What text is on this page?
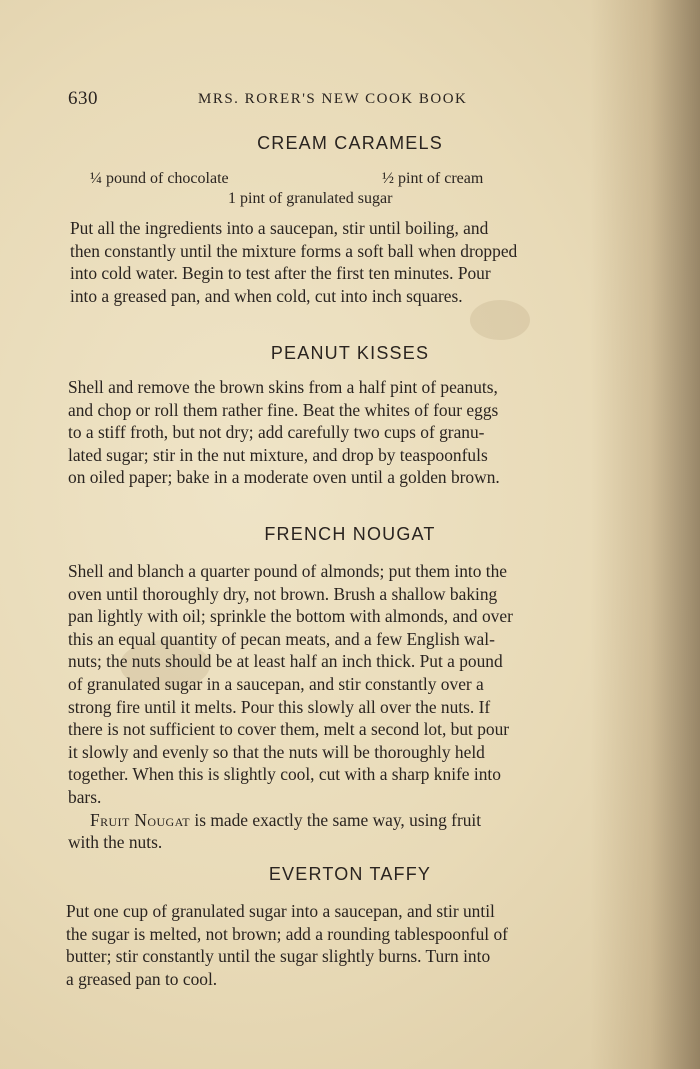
630	MRS. RORER'S NEW COOK BOOK
CREAM CARAMELS
¼ pound of chocolate	½ pint of cream
1 pint of granulated sugar
Put all the ingredients into a saucepan, stir until boiling, and
then constantly until the mixture forms a soft ball when dropped
into cold water. Begin to test after the first ten minutes. Pour
into a greased pan, and when cold, cut into inch squares.
PEANUT KISSES
Shell and remove the brown skins from a half pint of peanuts,
and chop or roll them rather fine. Beat the whites of four eggs
to a stiff froth, but not dry; add carefully two cups of granu-
lated sugar; stir in the nut mixture, and drop by teaspoonfuls
on oiled paper; bake in a moderate oven until a golden brown.
FRENCH NOUGAT
Shell and blanch a quarter pound of almonds; put them into the
oven until thoroughly dry, not brown. Brush a shallow baking
pan lightly with oil; sprinkle the bottom with almonds, and over
this an equal quantity of pecan meats, and a few English wal-
nuts; the nuts should be at least half an inch thick. Put a pound
of granulated sugar in a saucepan, and stir constantly over a
strong fire until it melts. Pour this slowly all over the nuts. If
there is not sufficient to cover them, melt a second lot, but pour
it slowly and evenly so that the nuts will be thoroughly held
together. When this is slightly cool, cut with a sharp knife into
bars.
Fruit Nougat is made exactly the same way, using fruit
with the nuts.
EVERTON TAFFY
Put one cup of granulated sugar into a saucepan, and stir until
the sugar is melted, not brown; add a rounding tablespoonful of
butter; stir constantly until the sugar slightly burns. Turn into
a greased pan to cool.
